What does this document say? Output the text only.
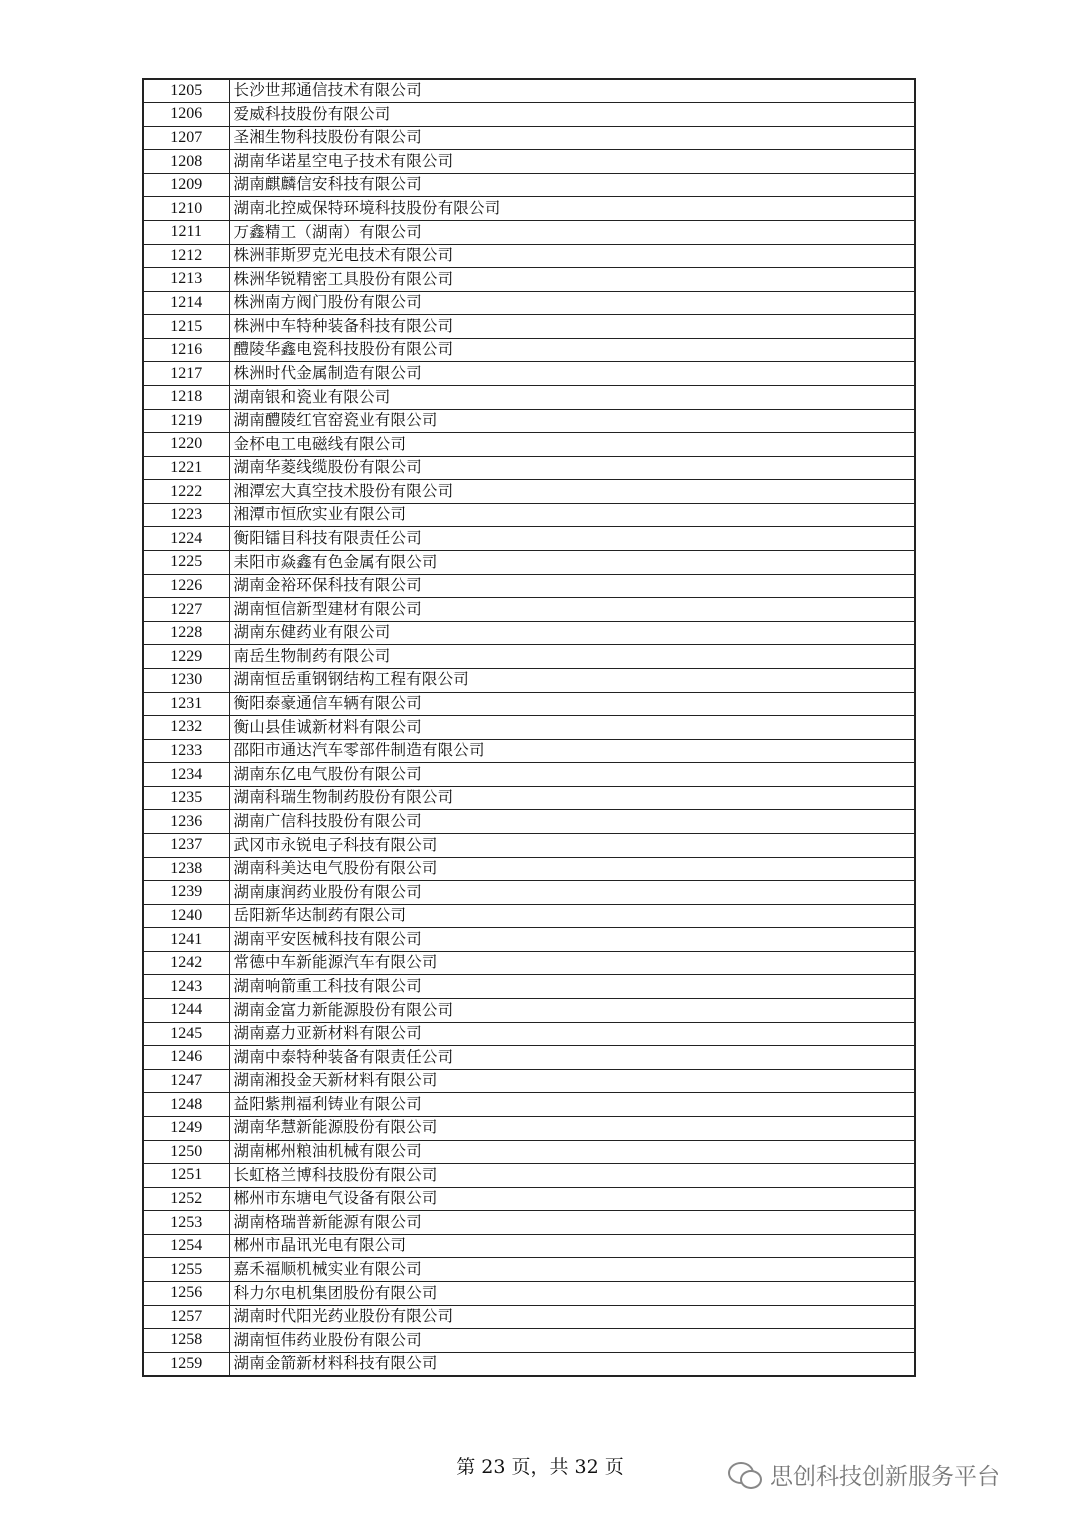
1205	长沙世邦通信技术有限公司
1206	爱威科技股份有限公司
1207	圣湘生物科技股份有限公司
1208	湖南华诺星空电子技术有限公司
1209	湖南麒麟信安科技有限公司
1210	湖南北控威保特环境科技股份有限公司
1211	万鑫精工（湖南）有限公司
1212	株洲菲斯罗克光电技术有限公司
1213	株洲华锐精密工具股份有限公司
1214	株洲南方阀门股份有限公司
1215	株洲中车特种装备科技有限公司
1216	醴陵华鑫电瓷科技股份有限公司
1217	株洲时代金属制造有限公司
1218	湖南银和瓷业有限公司
1219	湖南醴陵红官窑瓷业有限公司
1220	金杯电工电磁线有限公司
1221	湖南华菱线缆股份有限公司
1222	湘潭宏大真空技术股份有限公司
1223	湘潭市恒欣实业有限公司
1224	衡阳镭目科技有限责任公司
1225	耒阳市焱鑫有色金属有限公司
1226	湖南金裕环保科技有限公司
1227	湖南恒信新型建材有限公司
1228	湖南东健药业有限公司
1229	南岳生物制药有限公司
1230	湖南恒岳重钢钢结构工程有限公司
1231	衡阳泰豪通信车辆有限公司
1232	衡山县佳诚新材料有限公司
1233	邵阳市通达汽车零部件制造有限公司
1234	湖南东亿电气股份有限公司
1235	湖南科瑞生物制药股份有限公司
1236	湖南广信科技股份有限公司
1237	武冈市永锐电子科技有限公司
1238	湖南科美达电气股份有限公司
1239	湖南康润药业股份有限公司
1240	岳阳新华达制药有限公司
1241	湖南平安医械科技有限公司
1242	常德中车新能源汽车有限公司
1243	湖南响箭重工科技有限公司
1244	湖南金富力新能源股份有限公司
1245	湖南嘉力亚新材料有限公司
1246	湖南中泰特种装备有限责任公司
1247	湖南湘投金天新材料有限公司
1248	益阳紫荆福利铸业有限公司
1249	湖南华慧新能源股份有限公司
1250	湖南郴州粮油机械有限公司
1251	长虹格兰博科技股份有限公司
1252	郴州市东塘电气设备有限公司
1253	湖南格瑞普新能源有限公司
1254	郴州市晶讯光电有限公司
1255	嘉禾福顺机械实业有限公司
1256	科力尔电机集团股份有限公司
1257	湖南时代阳光药业股份有限公司
1258	湖南恒伟药业股份有限公司
1259	湖南金箭新材料科技有限公司
第 23 页，共 32 页	思创科技创新服务平台
